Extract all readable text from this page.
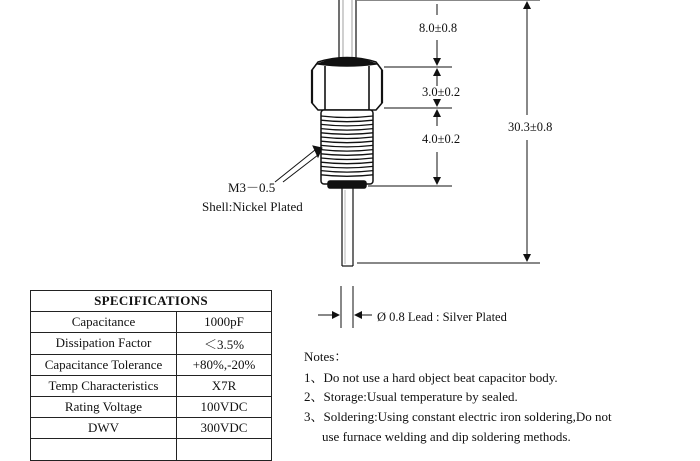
8.0±0.8
3.0±0.2
4.0±0.2
30.3±0.8
Ø 0.8 Lead : Silver Plated
M3－0.5
Shell:Nickel Plated
SPECIFICATIONS	
Capacitance	1000pF
Dissipation Factor	＜3.5%
Capacitance Tolerance	+80%,-20%
Temp Characteristics	X7R
Rating Voltage	100VDC
DWV	300VDC

Notes：
1、Do not use a hard object beat capacitor body.
2、Storage:Usual temperature by sealed.
3、Soldering:Using constant electric iron soldering,Do not
use furnace welding and dip soldering methods.
